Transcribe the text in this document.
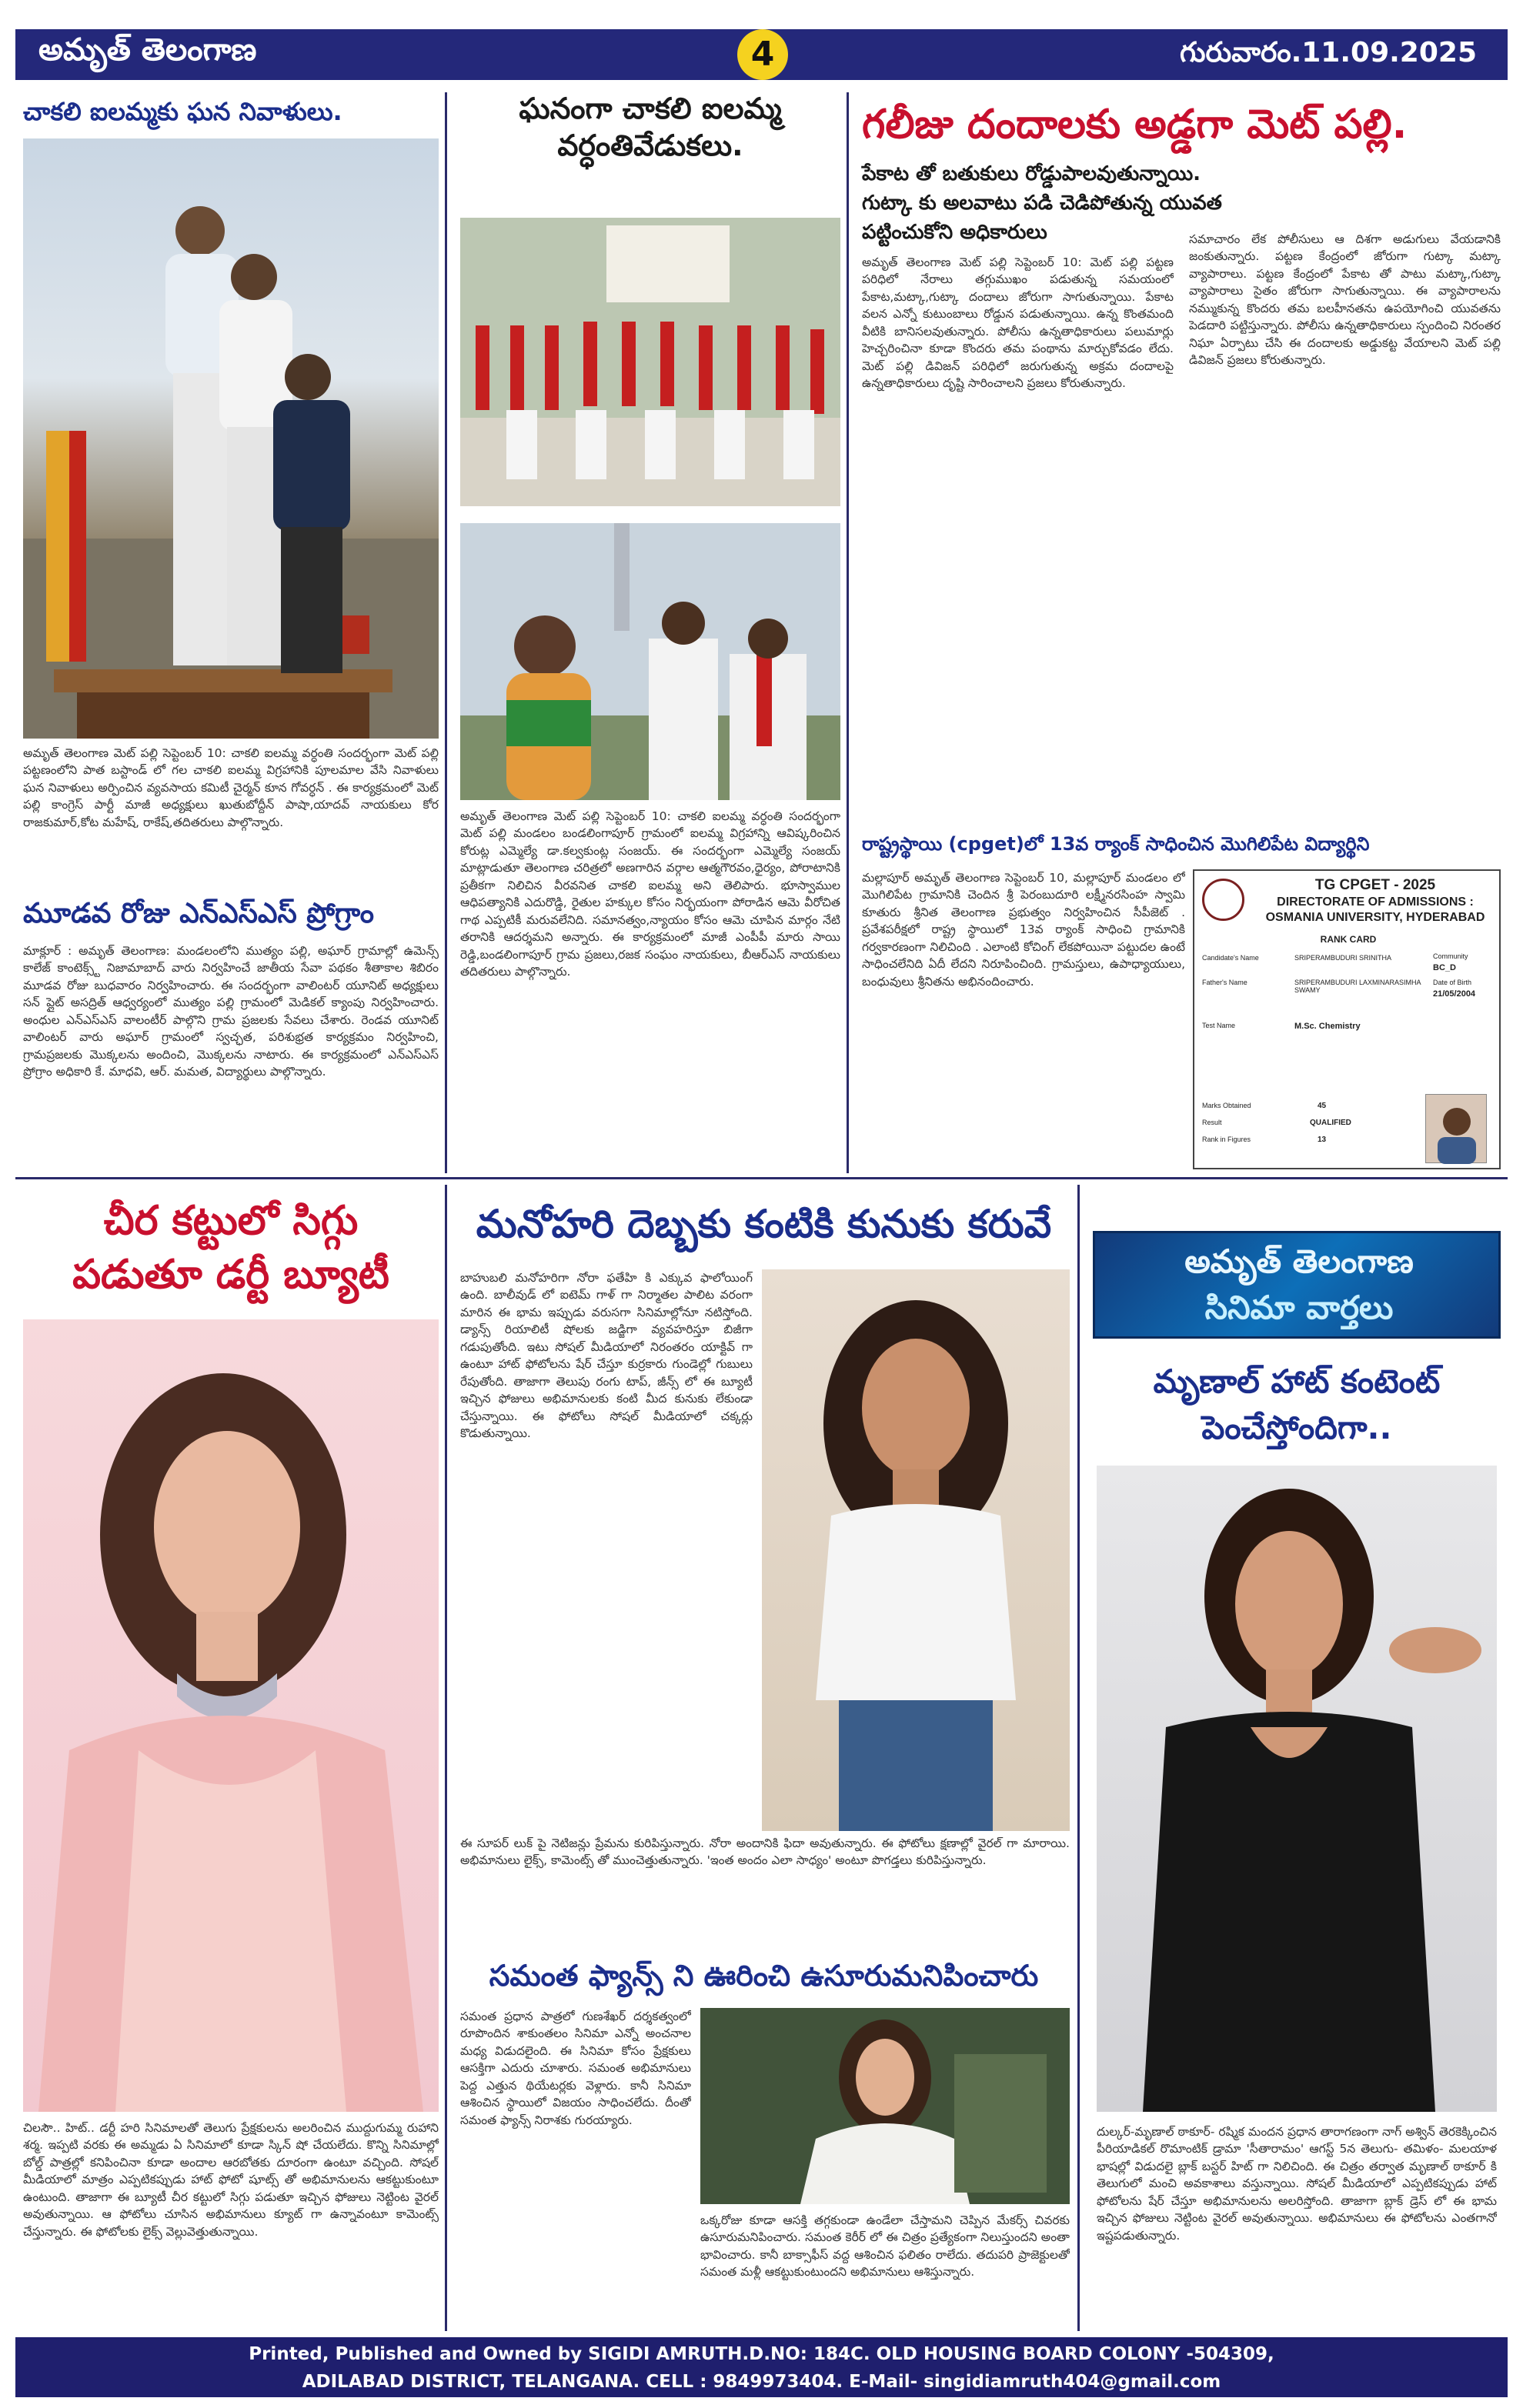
అమృత్ తెలంగాణ	4	గురువారం.11.09.2025
చాకలి ఐలమ్మకు ఘన నివాళులు.
అమృత్ తెలంగాణ మెట్ పల్లి సెప్టెంబర్ 10: చాకలి ఐలమ్మ వర్ధంతి సందర్భంగా మెట్ పల్లి పట్టణంలోని పాత బస్టాండ్ లో గల చాకలి ఐలమ్మ విగ్రహానికి పూలమాల వేసి నివాళులు ఘన నివాళులు అర్పించిన వ్యవసాయ కమిటీ చైర్మన్ కూన గోవర్ధన్ . ఈ కార్యక్రమంలో మెట్ పల్లి కాంగ్రెస్ పార్టీ మాజీ అధ్యక్షులు ఖుతుబోద్దీన్ పాషా,యాదవ్ నాయకులు కోర రాజకుమార్,కోట మహేష్, రాకేష్,తదితరులు పాల్గొన్నారు.
ఘనంగా చాకలి ఐలమ్మ వర్ధంతివేడుకలు.
అమృత్ తెలంగాణ మెట్ పల్లి సెప్టెంబర్ 10: చాకలి ఐలమ్మ వర్ధంతి సందర్భంగా మెట్ పల్లి మండలం బండలింగాపూర్ గ్రామంలో ఐలమ్మ విగ్రహాన్ని ఆవిష్కరించిన కోరుట్ల ఎమ్మెల్యే డా.కల్వకుంట్ల సంజయ్. ఈ సందర్భంగా ఎమ్మెల్యే సంజయ్ మాట్లాడుతూ తెలంగాణ చరిత్రలో అణగారిన వర్గాల ఆత్మగౌరవం,ధైర్యం, పోరాటానికి ప్రతీకగా నిలిచిన వీరవనిత చాకలి ఐలమ్మ అని తెలిపారు. భూస్వాముల ఆధిపత్యానికి ఎదురొడ్డి, రైతుల హక్కుల కోసం నిర్భయంగా పోరాడిన ఆమె వీరోచిత గాథ ఎప్పటికీ మరువలేనిది. సమానత్వం,న్యాయం కోసం ఆమె చూపిన మార్గం నేటి తరానికి ఆదర్శమని అన్నారు. ఈ కార్యక్రమంలో మాజీ ఎంపీపీ మారు సాయి రెడ్డి,బండలింగాపూర్ గ్రామ ప్రజలు,రజక సంఘం నాయకులు, బీఆర్ఎస్ నాయకులు తదితరులు పాల్గొన్నారు.
గలీజు దందాలకు అడ్డగా మెట్ పల్లి.
పేకాట తో బతుకులు రోడ్డుపాలవుతున్నాయి.
గుట్కా కు అలవాటు పడి చెడిపోతున్న యువత
పట్టించుకోని అధికారులు
అమృత్ తెలంగాణ మెట్ పల్లి సెప్టెంబర్ 10: మెట్ పల్లి పట్టణ పరిధిలో నేరాలు తగ్గుముఖం పడుతున్న సమయంలో పేకాట,మట్కా,గుట్కా దందాలు జోరుగా సాగుతున్నాయి. పేకాట వలన ఎన్నో కుటుంబాలు రోడ్డున పడుతున్నాయి. ఉన్న కొంతమంది వీటికి బానిసలవుతున్నారు. పోలీసు ఉన్నతాధికారులు పలుమార్లు హెచ్చరించినా కూడా కొందరు తమ పంథాను మార్చుకోవడం లేదు. మెట్ పల్లి డివిజన్ పరిధిలో జరుగుతున్న అక్రమ దందాలపై ఉన్నతాధికారులు దృష్టి సారించాలని ప్రజలు కోరుతున్నారు.
సమాచారం లేక పోలీసులు ఆ దిశగా అడుగులు వేయడానికి జంకుతున్నారు. పట్టణ కేంద్రంలో జోరుగా గుట్కా మట్కా వ్యాపారాలు. పట్టణ కేంద్రంలో పేకాట తో పాటు మట్కా,గుట్కా వ్యాపారాలు సైతం జోరుగా సాగుతున్నాయి. ఈ వ్యాపారాలను నమ్ముకున్న కొందరు తమ బలహీనతను ఉపయోగించి యువతను పెడదారి పట్టిస్తున్నారు. పోలీసు ఉన్నతాధికారులు స్పందించి నిరంతర నిఘా ఏర్పాటు చేసి ఈ దందాలకు అడ్డుకట్ట వేయాలని మెట్ పల్లి డివిజన్ ప్రజలు కోరుతున్నారు.
రాష్ట్రస్థాయి (cpget)లో 13వ ర్యాంక్ సాధించిన మొగిలిపేట విద్యార్థిని
మల్లాపూర్ అమృత్ తెలంగాణ సెప్టెంబర్ 10, మల్లాపూర్ మండలం లో మొగిలిపేట గ్రామానికి చెందిన శ్రీ పెరంబుదూరి లక్ష్మీనరసింహ స్వామి కూతురు శ్రీనిత తెలంగాణ ప్రభుత్వం నిర్వహించిన సీపీజెట్ . ప్రవేశపరీక్షలో రాష్ట్ర స్థాయిలో 13వ ర్యాంక్ సాధించి గ్రామానికి గర్వకారణంగా నిలిచింది . ఎలాంటి కోచింగ్ లేకపోయినా పట్టుదల ఉంటే సాధించలేనిది ఏదీ లేదని నిరూపించింది. గ్రామస్తులు, ఉపాధ్యాయులు, బంధువులు శ్రీనితను అభినందించారు.
TG CPGET - 2025
DIRECTORATE OF ADMISSIONS :
OSMANIA UNIVERSITY, HYDERABAD
RANK CARD
Candidate's Name	SRIPERAMBUDURI SRINITHA
Father's Name	SRIPERAMBUDURI LAXMINARASIMHA SWAMY
Community
BC_D
Date of Birth
21/05/2004
Test Name	M.Sc. Chemistry
Marks Obtained	45
Result	QUALIFIED
Rank in Figures	13
మూడవ రోజు ఎన్ఎస్ఎస్ ప్రోగ్రాం
మాక్లూర్ : అమృత్ తెలంగాణ: మండలంలోని ముత్యం పల్లి, అఘార్ గ్రామాల్లో ఉమెన్స్ కాలేజ్ కాంటెక్స్ట్ నిజామాబాద్ వారు నిర్వహించే జాతీయ సేవా పథకం శీతాకాల శిబిరం మూడవ రోజు బుధవారం నిర్వహించారు. ఈ సందర్భంగా వాలింటర్ యూనిట్ అధ్యక్షులు సన్ ప్లైట్ అసద్రిత్ ఆధ్వర్యంలో ముత్యం పల్లి గ్రామంలో మెడికల్ క్యాంపు నిర్వహించారు. అంధుల ఎన్ఎస్ఎస్ వాలంటీర్ పాల్గొని గ్రామ ప్రజలకు సేవలు చేశారు. రెండవ యూనిట్ వాలింటర్ వారు అఘార్ గ్రామంలో స్వచ్ఛత, పరిశుభ్రత కార్యక్రమం నిర్వహించి, గ్రామప్రజలకు మొక్కలను అందించి, మొక్కలను నాటారు. ఈ కార్యక్రమంలో ఎన్ఎస్ఎస్ ప్రోగ్రాం అధికారి కే. మాధవి, ఆర్. మమత, విద్యార్థులు పాల్గొన్నారు.
చీర కట్టులో సిగ్గు
పడుతూ డర్టీ బ్యూటీ
చిలసౌ.. హిట్.. డర్టీ హరి సినిమాలతో తెలుగు ప్రేక్షకులను అలరించిన ముద్దుగుమ్మ రుహాని శర్మ. ఇప్పటి వరకు ఈ అమ్మడు ఏ సినిమాలో కూడా స్కిన్ షో చేయలేదు. కొన్ని సినిమాల్లో బోల్డ్ పాత్రల్లో కనిపించినా కూడా అందాల ఆరబోతకు దూరంగా ఉంటూ వచ్చింది. సోషల్ మీడియాలో మాత్రం ఎప్పటికప్పుడు హాట్ ఫోటో షూట్స్ తో అభిమానులను ఆకట్టుకుంటూ ఉంటుంది. తాజాగా ఈ బ్యూటీ చీర కట్టులో సిగ్గు పడుతూ ఇచ్చిన ఫోజులు నెట్టింట వైరల్ అవుతున్నాయి. ఆ ఫోటోలు చూసిన అభిమానులు క్యూట్ గా ఉన్నావంటూ కామెంట్స్ చేస్తున్నారు. ఈ ఫోటోలకు లైక్స్ వెల్లువెత్తుతున్నాయి.
మనోహరి దెబ్బకు కంటికి కునుకు కరువే
బాహుబలి మనోహరిగా నోరా ఫతేహి కి ఎక్కువ ఫాలోయింగ్ ఉంది. బాలీవుడ్ లో ఐటెమ్ గాళ్ గా నిర్మాతల పాలిట వరంగా మారిన ఈ భామ ఇప్పుడు వరుసగా సినిమాల్లోనూ నటిస్తోంది. డ్యాన్స్ రియాలిటీ షోలకు జడ్జిగా వ్యవహరిస్తూ బిజీగా గడుపుతోంది. ఇటు సోషల్ మీడియాలో నిరంతరం యాక్టివ్ గా ఉంటూ హాట్ ఫోటోలను షేర్ చేస్తూ కుర్రకారు గుండెల్లో గుబులు రేపుతోంది. తాజాగా తెలుపు రంగు టాప్, జీన్స్ లో ఈ బ్యూటీ ఇచ్చిన ఫోజులు అభిమానులకు కంటి మీద కునుకు లేకుండా చేస్తున్నాయి. ఈ ఫోటోలు సోషల్ మీడియాలో చక్కర్లు కొడుతున్నాయి.
ఈ సూపర్ లుక్ పై నెటిజన్లు ప్రేమను కురిపిస్తున్నారు. నోరా అందానికి ఫిదా అవుతున్నారు. ఈ ఫోటోలు క్షణాల్లో వైరల్ గా మారాయి. అభిమానులు లైక్స్, కామెంట్స్ తో ముంచెత్తుతున్నారు. 'ఇంత అందం ఎలా సాధ్యం' అంటూ పొగడ్తలు కురిపిస్తున్నారు.
సమంత ఫ్యాన్స్ ని ఊరించి ఉసూరుమనిపించారు
సమంత ప్రధాన పాత్రలో గుణశేఖర్ దర్శకత్వంలో రూపొందిన శాకుంతలం సినిమా ఎన్నో అంచనాల మధ్య విడుదలైంది. ఈ సినిమా కోసం ప్రేక్షకులు ఆసక్తిగా ఎదురు చూశారు. సమంత అభిమానులు పెద్ద ఎత్తున థియేటర్లకు వెళ్లారు. కానీ సినిమా ఆశించిన స్థాయిలో విజయం సాధించలేదు. దీంతో సమంత ఫ్యాన్స్ నిరాశకు గురయ్యారు.
ఒక్కరోజు కూడా ఆసక్తి తగ్గకుండా ఉండేలా చేస్తామని చెప్పిన మేకర్స్ చివరకు ఉసూరుమనిపించారు. సమంత కెరీర్ లో ఈ చిత్రం ప్రత్యేకంగా నిలుస్తుందని అంతా భావించారు. కానీ బాక్సాఫీస్ వద్ద ఆశించిన ఫలితం రాలేదు. తదుపరి ప్రాజెక్టులతో సమంత మళ్లీ ఆకట్టుకుంటుందని అభిమానులు ఆశిస్తున్నారు.
అమృత్ తెలంగాణ
సినిమా వార్తలు
మృణాల్ హాట్ కంటెంట్
పెంచేస్తోందిగా..
దుల్కర్-మృణాల్ ఠాకూర్- రష్మిక మందన ప్రధాన తారాగణంగా నాగ్ అశ్విన్ తెరకెక్కించిన పీరియాడికల్ రొమాంటిక్ డ్రామా 'సీతారామం' ఆగస్ట్ 5న తెలుగు- తమిళం- మలయాళ భాషల్లో విడుదలై బ్లాక్ బస్టర్ హిట్ గా నిలిచింది. ఈ చిత్రం తర్వాత మృణాల్ ఠాకూర్ కి తెలుగులో మంచి అవకాశాలు వస్తున్నాయి. సోషల్ మీడియాలో ఎప్పటికప్పుడు హాట్ ఫోటోలను షేర్ చేస్తూ అభిమానులను అలరిస్తోంది. తాజాగా బ్లాక్ డ్రెస్ లో ఈ భామ ఇచ్చిన ఫోజులు నెట్టింట వైరల్ అవుతున్నాయి. అభిమానులు ఈ ఫోటోలను ఎంతగానో ఇష్టపడుతున్నారు.
Printed, Published and Owned by SIGIDI AMRUTH.D.NO: 184C. OLD HOUSING BOARD COLONY -504309,
ADILABAD DISTRICT, TELANGANA. CELL : 9849973404. E-Mail- singidiamruth404@gmail.com
